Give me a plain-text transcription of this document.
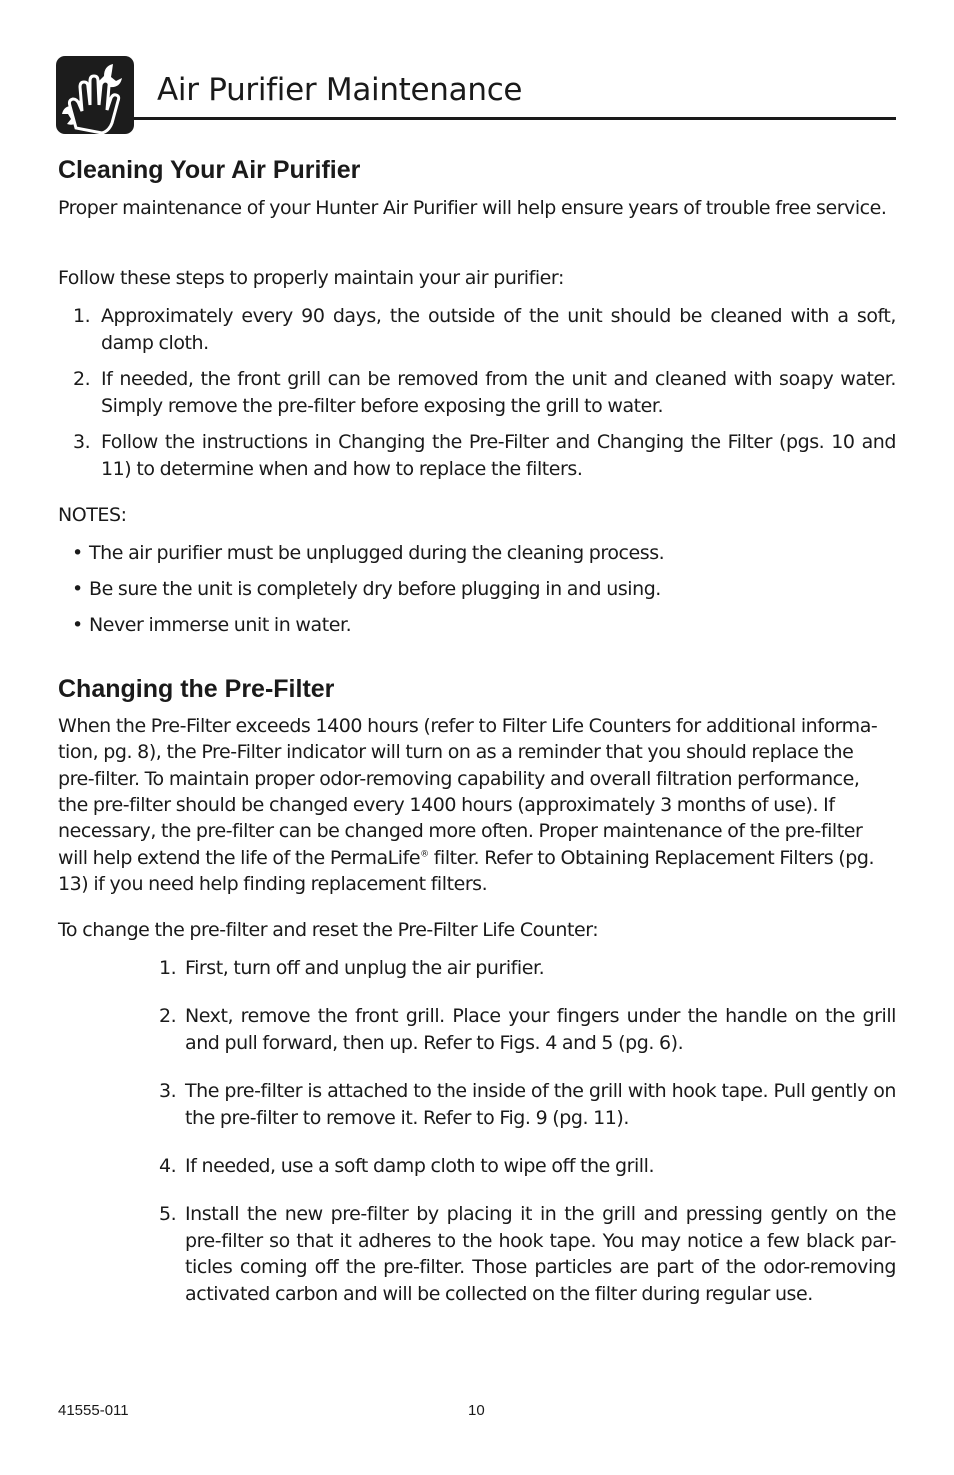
Air Purifier Maintenance
Cleaning Your Air Purifier

Proper maintenance of your Hunter Air Purifier will help ensure years of trouble free service.

Follow these steps to properly maintain your air purifier:
1. Approximately every 90 days, the outside of the unit should be cleaned with a soft, damp cloth.
2. If needed, the front grill can be removed from the unit and cleaned with soapy water. Simply remove the pre-filter before exposing the grill to water.
3. Follow the instructions in Changing the Pre-Filter and Changing the Filter (pgs. 10 and 11) to determine when and how to replace the filters.
NOTES:
• The air purifier must be unplugged during the cleaning process.
• Be sure the unit is completely dry before plugging in and using.
• Never immerse unit in water.
Changing the Pre-Filter
When the Pre-Filter exceeds 1400 hours (refer to Filter Life Counters for additional informa-
tion, pg. 8), the Pre-Filter indicator will turn on as a reminder that you should replace the
pre-filter. To maintain proper odor-removing capability and overall filtration performance,
the pre-filter should be changed every 1400 hours (approximately 3 months of use). If
necessary, the pre-filter can be changed more often. Proper maintenance of the pre-filter
will help extend the life of the PermaLife® filter. Refer to Obtaining Replacement Filters (pg.
13) if you need help finding replacement filters.
To change the pre-filter and reset the Pre-Filter Life Counter:
1. First, turn off and unplug the air purifier.
2. Next, remove the front grill. Place your fingers under the handle on the grill and pull forward, then up. Refer to Figs. 4 and 5 (pg. 6).
3. The pre-filter is attached to the inside of the grill with hook tape. Pull gently on the pre-filter to remove it. Refer to Fig. 9 (pg. 11).
4. If needed, use a soft damp cloth to wipe off the grill.
5. Install the new pre-filter by placing it in the grill and pressing gently on the pre-filter so that it adheres to the hook tape. You may notice a few black par-ticles coming off the pre-filter. Those particles are part of the odor-removing activated carbon and will be collected on the filter during regular use.
41555-011	10
